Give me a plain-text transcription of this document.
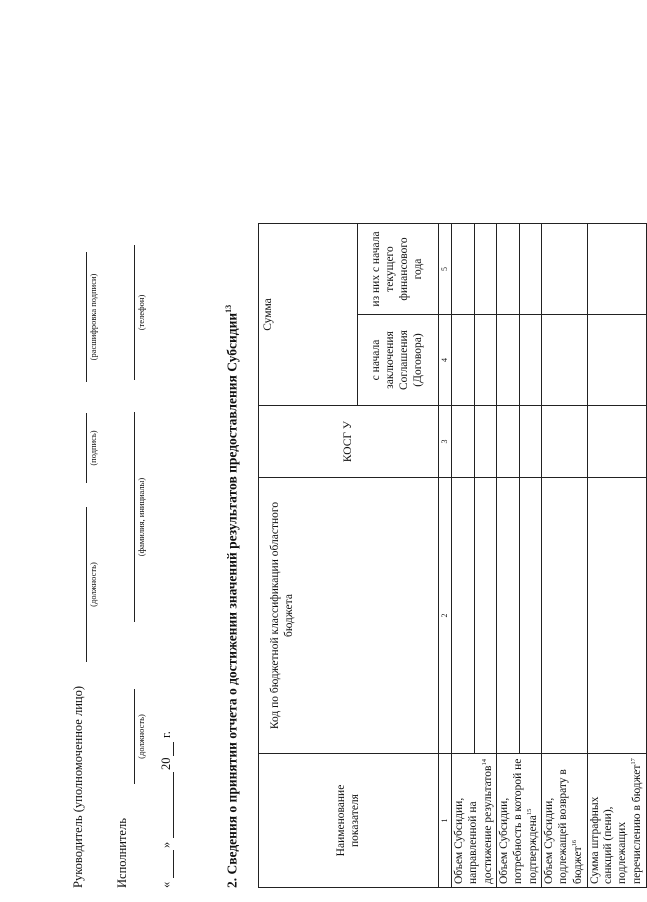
Руководитель (уполномоченное лицо)
(должность)
(подпись)
(расшифровка подписи)
Исполнитель
(должность)
(фамилия, инициалы)
(телефон)
«
»
20
г.	2. Сведения о принятии отчета о достижении значений результатов предоставления Субсидии$^{13}$
Наименование показателя	Код по бюджетной классификации областного бюджета	КОСГ У	Сумма	
			с начала заключения Соглашения (Договора)	из них с начала текущего финансового года
1	2	3	4	5
Объем Субсидии, направленной на достижение результатов$^{14}$				

Объем Субсидии, потребность в которой не подтверждена$^{15}$				

Объем Субсидии, подлежащей возврату в бюджет$^{16}$				
Сумма штрафных санкций (пени), подлежащих перечислению в бюджет$^{17}$				
